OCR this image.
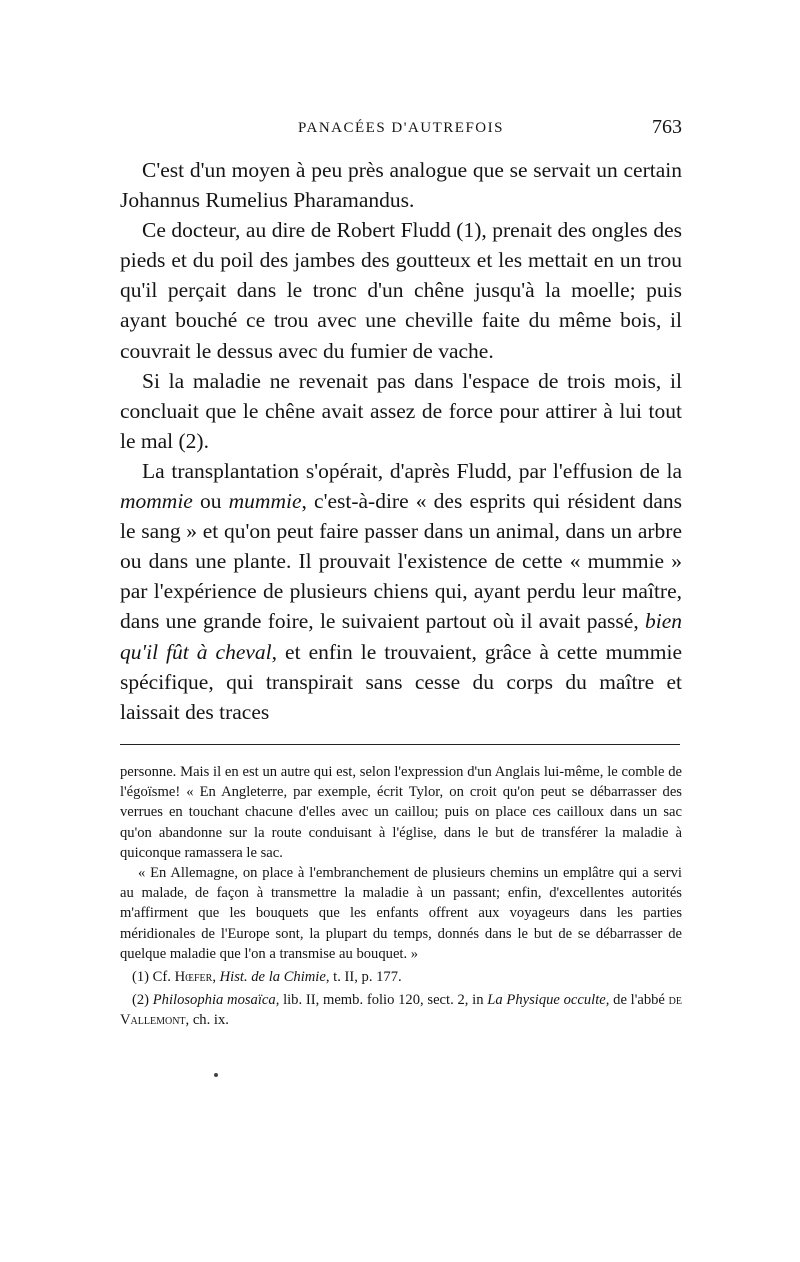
PANACÉES D'AUTREFOIS	763

C'est d'un moyen à peu près analogue que se servait un certain Johannus Rumelius Pharamandus.

Ce docteur, au dire de Robert Fludd (1), prenait des ongles des pieds et du poil des jambes des goutteux et les mettait en un trou qu'il perçait dans le tronc d'un chêne jusqu'à la moelle; puis ayant bouché ce trou avec une cheville faite du même bois, il couvrait le dessus avec du fumier de vache.

Si la maladie ne revenait pas dans l'espace de trois mois, il concluait que le chêne avait assez de force pour attirer à lui tout le mal (2).

La transplantation s'opérait, d'après Fludd, par l'effusion de la mommie ou mummie, c'est-à-dire « des esprits qui résident dans le sang » et qu'on peut faire passer dans un animal, dans un arbre ou dans une plante. Il prouvait l'existence de cette « mummie » par l'expérience de plusieurs chiens qui, ayant perdu leur maître, dans une grande foire, le suivaient partout où il avait passé, bien qu'il fût à cheval, et enfin le trouvaient, grâce à cette mummie spécifique, qui transpirait sans cesse du corps du maître et laissait des traces

personne. Mais il en est un autre qui est, selon l'expression d'un Anglais lui-même, le comble de l'égoïsme! « En Angleterre, par exemple, écrit Tylor, on croit qu'on peut se débarrasser des verrues en touchant chacune d'elles avec un caillou; puis on place ces cailloux dans un sac qu'on abandonne sur la route conduisant à l'église, dans le but de transférer la maladie à quiconque ramassera le sac.

« En Allemagne, on place à l'embranchement de plusieurs chemins un emplâtre qui a servi au malade, de façon à transmettre la maladie à un passant; enfin, d'excellentes autorités m'affirment que les bouquets que les enfants offrent aux voyageurs dans les parties méridionales de l'Europe sont, la plupart du temps, donnés dans le but de se débarrasser de quelque maladie que l'on a transmise au bouquet. »

(1) Cf. Hœfer, Hist. de la Chimie, t. II, p. 177.

(2) Philosophia mosaïca, lib. II, memb. folio 120, sect. 2, in La Physique occulte, de l'abbé de Vallemont, ch. ix.
